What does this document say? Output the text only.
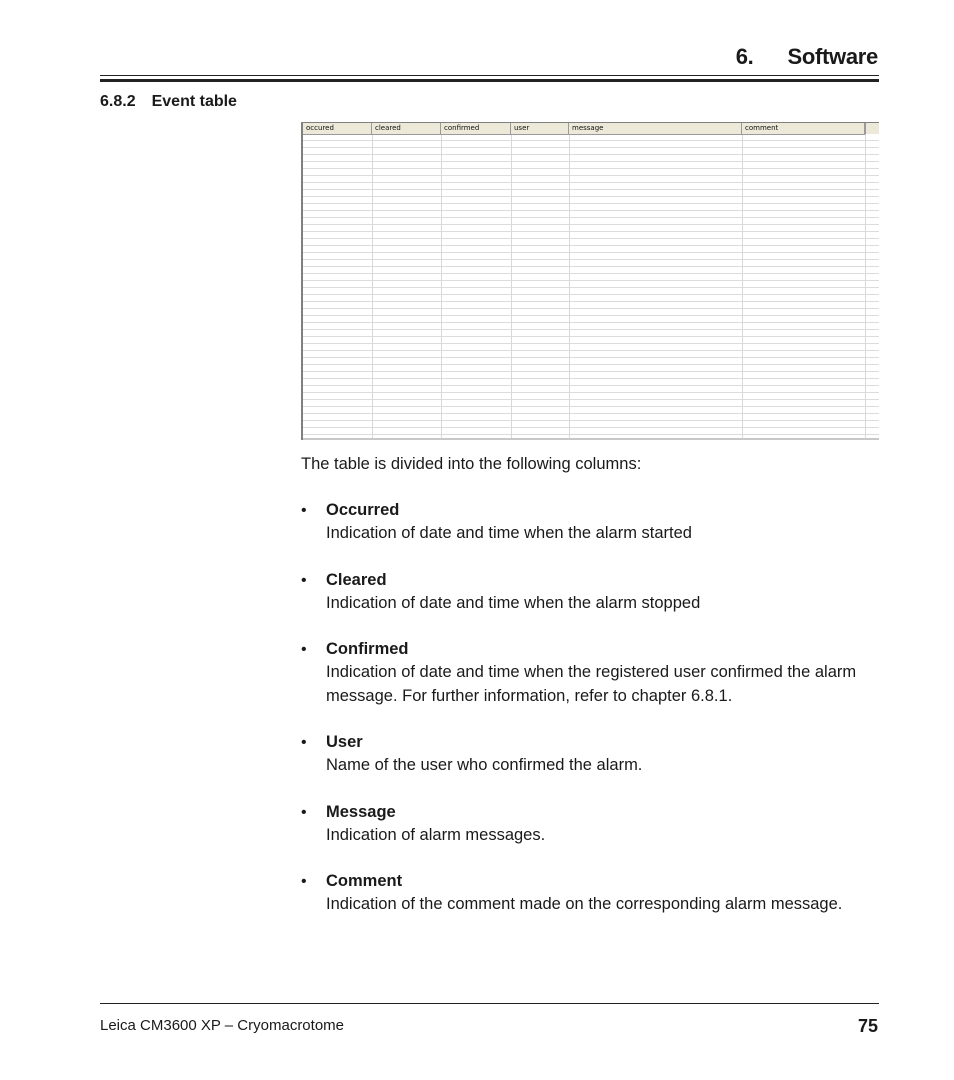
6. Software
6.8.2 Event table
occured	cleared	confirmed	user	message	comment
The table is divided into the following columns:
• Occurred
Indication of date and time when the alarm started
• Cleared
Indication of date and time when the alarm stopped
• Confirmed
Indication of date and time when the registered user confirmed the alarm message. For further information, refer to chapter 6.8.1.
• User
Name of the user who confirmed the alarm.
• Message
Indication of alarm messages.
• Comment
Indication of the comment made on the corresponding alarm message.
Leica CM3600 XP – Cryomacrotome	75
